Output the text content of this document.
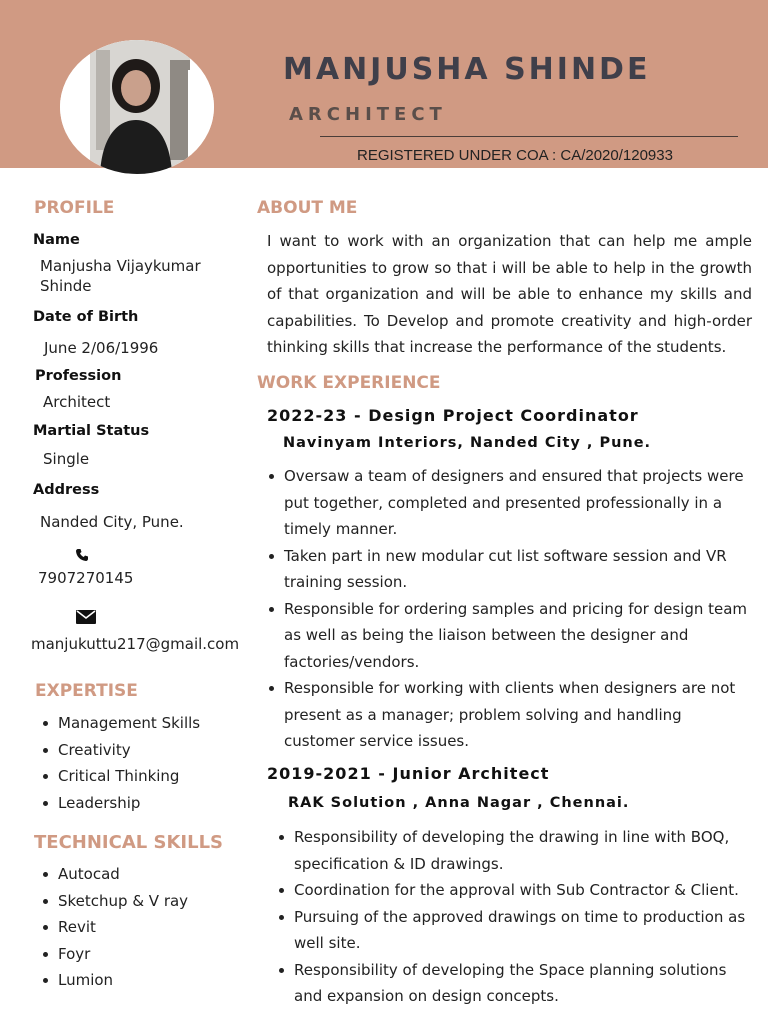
MANJUSHA SHINDE
ARCHITECT
REGISTERED UNDER COA : CA/2020/120933
PROFILE
Name
Manjusha Vijaykumar
Shinde
Date of Birth
June 2/06/1996
Profession
Architect
Martial Status
Single
Address
Nanded City, Pune.
7907270145
manjukuttu217@gmail.com
EXPERTISE
Management Skills
Creativity
Critical Thinking
Leadership
TECHNICAL SKILLS
Autocad
Sketchup & V ray
Revit
Foyr
Lumion
ABOUT ME
I want to work with an organization that can help me ample opportunities to grow so that i will be able to help in the growth of that organization and will be able to enhance my skills and capabilities. To Develop and promote creativity and high-order thinking skills that increase the performance of the students.
WORK EXPERIENCE
2022-23 - Design Project Coordinator
Navinyam Interiors, Nanded City , Pune.
Oversaw a team of designers and ensured that projects were put together, completed and presented professionally in a timely manner.
Taken part in new modular cut list software session and VR training session.
Responsible for ordering samples and pricing for design team as well as being the liaison between the designer and factories/vendors.
Responsible for working with clients when designers are not present as a manager; problem solving and handling customer service issues.
2019-2021 - Junior Architect
RAK Solution , Anna Nagar , Chennai.
Responsibility of developing the drawing in line with BOQ, specification & ID drawings.
Coordination for the approval with Sub Contractor & Client.
Pursuing of the approved drawings on time to production as well site.
Responsibility of developing the Space planning solutions and expansion on design concepts.
